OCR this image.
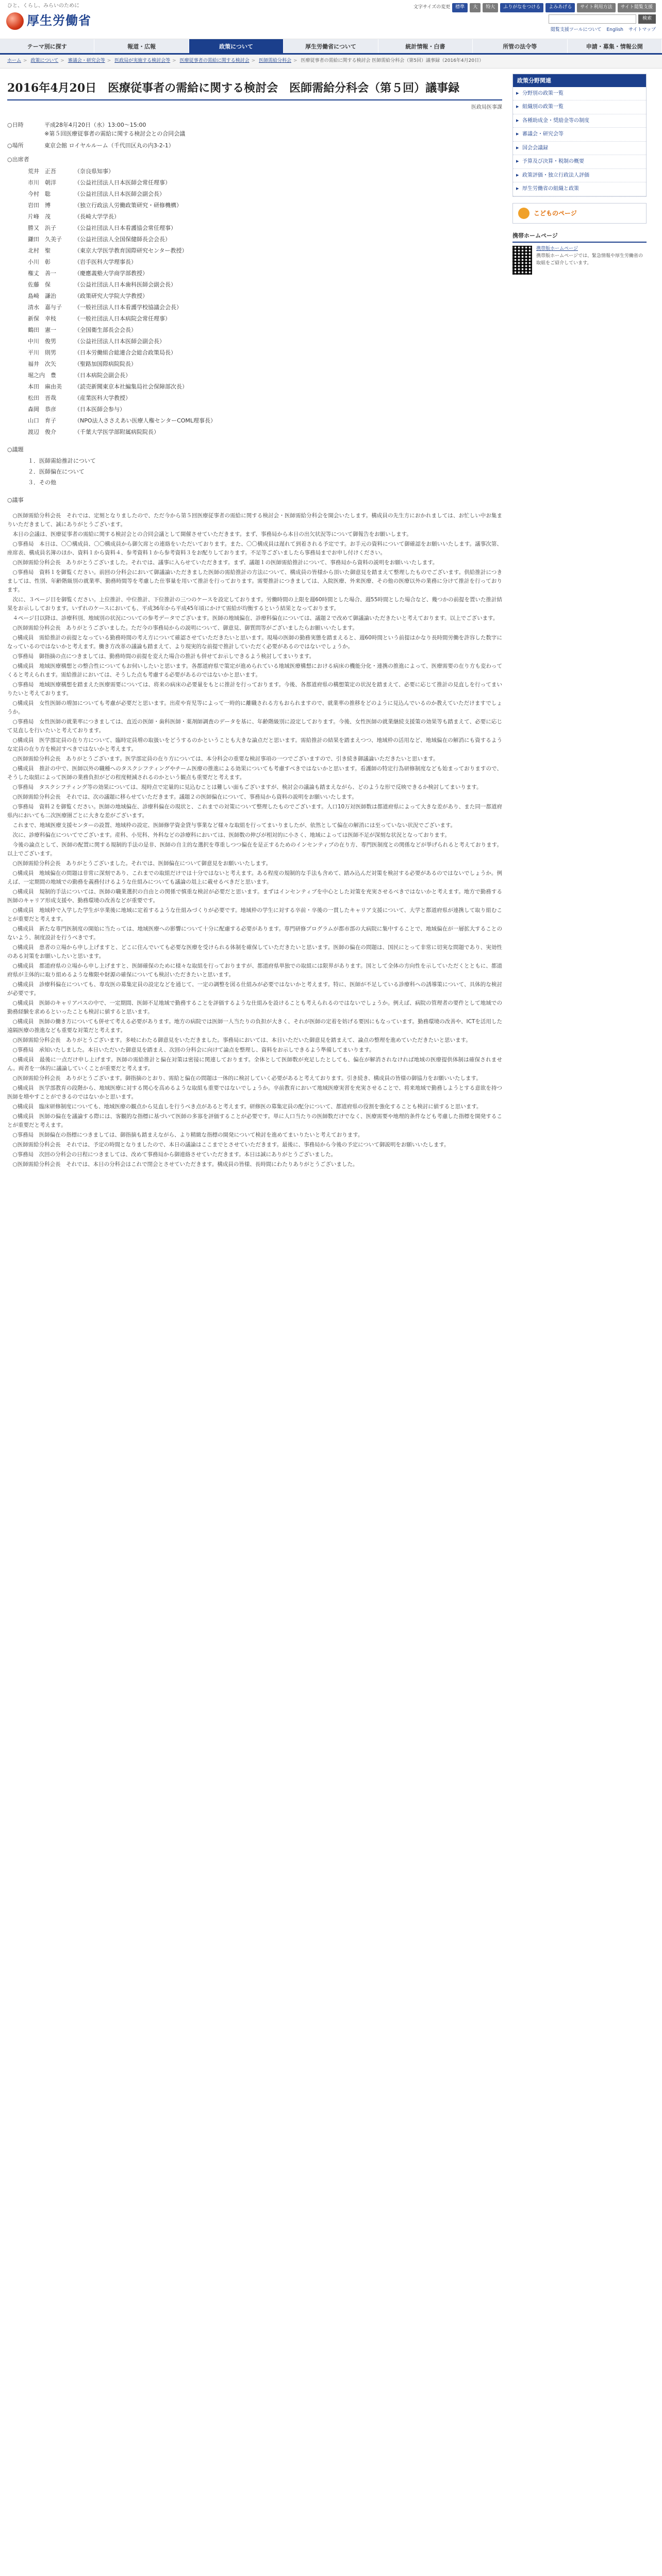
ひと、くらし、みらいのために
厚生労働省
文字サイズの変更	標準	大	特大	ふりがなをつける	よみあげる	サイト利用方法	サイト閲覧支援
検索
閲覧支援ツールについて English サイトマップ
テーマ別に探す	報道・広報	政策について	厚生労働省について	統計情報・白書	所管の法令等	申請・募集・情報公開
ホーム > 政策について > 審議会・研究会等 > 医政局が実施する検討会等 > 医療従事者の需給に関する検討会 > 医師需給分科会 > 医療従事者の需給に関する検討会 医師需給分科会（第5回）議事録（2016年4月20日）
2016年4月20日　医療従事者の需給に関する検討会　医師需給分科会（第５回）議事録
医政局医事課
○日時	平成28年4月20日（水）13:00～15:00
※第５回医療従事者の需給に関する検討会との合同会議
○場所	東京会館 ロイヤルルーム（千代田区丸の内3-2-1）
○出席者
荒井　正吾	（奈良県知事）
市川　朝洋	（公益社団法人日本医師会常任理事）
今村　聡	（公益社団法人日本医師会副会長）
岩田　博	（独立行政法人労働政策研究・研修機構）
片峰　茂	（長崎大学学長）
勝又　浜子	（公益社団法人日本看護協会常任理事）
鎌田　久美子	（公益社団法人全国保健師長会会長）
北村　聖	（東京大学医学教育国際研究センター教授）
小川　彰	（岩手医科大学理事長）
権丈　善一	（慶應義塾大学商学部教授）
佐藤　保	（公益社団法人日本歯科医師会副会長）
島崎　謙治	（政策研究大学院大学教授）
清水　嘉与子	（一般社団法人日本看護学校協議会会長）
新保　幸枝	（一般社団法人日本病院会常任理事）
鶴田　憲一	（全国衛生部長会会長）
中川　俊男	（公益社団法人日本医師会副会長）
平川　則男	（日本労働組合総連合会総合政策局長）
福井　次矢	（聖路加国際病院院長）
堀之内　豊	（日本病院会副会長）
本田　麻由美	（読売新聞東京本社編集局社会保障部次長）
松田　晋哉	（産業医科大学教授）
森岡　恭彦	（日本医師会参与）
山口　育子	（NPO法人ささえあい医療人権センターCOML理事長）
渡辺　俊介	（千葉大学医学部附属病院院長）
○議題
１．医師需給推計について
２．医師偏在について
３．その他
○議事

○医師需給分科会長　それでは、定刻となりましたので、ただ今から第５回医療従事者の需給に関する検討会・医師需給分科会を開会いたします。構成員の先生方におかれましては、お忙しい中お集まりいただきまして、誠にありがとうございます。

本日の会議は、医療従事者の需給に関する検討会との合同会議として開催させていただきます。まず、事務局から本日の出欠状況等について御報告をお願いします。

○事務局　本日は、〇〇構成員、〇〇構成員から御欠席との連絡をいただいております。また、〇〇構成員は遅れて到着される予定です。お手元の資料について御確認をお願いいたします。議事次第、座席表、構成員名簿のほか、資料１から資料４、参考資料１から参考資料３をお配りしております。不足等ございましたら事務局までお申し付けください。

○医師需給分科会長　ありがとうございました。それでは、議事に入らせていただきます。まず、議題１の医師需給推計について、事務局から資料の説明をお願いいたします。

○事務局　資料１を御覧ください。前回の分科会において御議論いただきました医師の需給推計の方法について、構成員の皆様から頂いた御意見を踏まえて整理したものでございます。供給推計につきましては、性別、年齢階級別の就業率、勤務時間等を考慮した仕事量を用いて推計を行っております。需要推計につきましては、入院医療、外来医療、その他の医療以外の業務に分けて推計を行っております。

次に、３ページ目を御覧ください。上位推計、中位推計、下位推計の三つのケースを設定しております。労働時間の上限を週60時間とした場合、週55時間とした場合など、幾つかの前提を置いた推計結果をお示ししております。いずれのケースにおいても、平成36年から平成45年頃にかけて需給が均衡するという結果となっております。

４ページ目以降は、診療科別、地域別の状況についての参考データでございます。医師の地域偏在、診療科偏在については、議題２で改めて御議論いただきたいと考えております。以上でございます。

○医師需給分科会長　ありがとうございました。ただ今の事務局からの説明について、御意見、御質問等がございましたらお願いいたします。

○構成員　需給推計の前提となっている勤務時間の考え方について確認させていただきたいと思います。現場の医師の勤務実態を踏まえると、週60時間という前提はかなり長時間労働を許容した数字になっているのではないかと考えます。働き方改革の議論も踏まえて、より現実的な前提で推計していただく必要があるのではないでしょうか。

○事務局　御指摘の点につきましては、勤務時間の前提を変えた場合の推計も併せてお示しできるよう検討してまいります。

○構成員　地域医療構想との整合性についてもお伺いしたいと思います。各都道府県で策定が進められている地域医療構想における病床の機能分化・連携の推進によって、医療需要の在り方も変わってくると考えられます。需給推計においては、そうした点も考慮する必要があるのではないかと思います。

○事務局　地域医療構想を踏まえた医療需要については、将来の病床の必要量をもとに推計を行っております。今後、各都道府県の構想策定の状況を踏まえて、必要に応じて推計の見直しを行ってまいりたいと考えております。

○構成員　女性医師の増加についても考慮が必要だと思います。出産や育児等によって一時的に離職される方もおられますので、就業率の推移をどのように見込んでいるのか教えていただけますでしょうか。

○事務局　女性医師の就業率につきましては、直近の医師・歯科医師・薬剤師調査のデータを基に、年齢階級別に設定しております。今後、女性医師の就業継続支援策の効果等も踏まえて、必要に応じて見直しを行いたいと考えております。

○構成員　医学部定員の在り方について、臨時定員増の取扱いをどうするのかということも大きな論点だと思います。需給推計の結果を踏まえつつ、地域枠の活用など、地域偏在の解消にも資するような定員の在り方を検討すべきではないかと考えます。

○医師需給分科会長　ありがとうございます。医学部定員の在り方については、本分科会の重要な検討事項の一つでございますので、引き続き御議論いただきたいと思います。

○構成員　推計の中で、医師以外の職種へのタスクシフティングやチーム医療の推進による効果についても考慮すべきではないかと思います。看護師の特定行為研修制度なども始まっておりますので、そうした取組によって医師の業務負担がどの程度軽減されるのかという観点も重要だと考えます。

○事務局　タスクシフティング等の効果については、現時点で定量的に見込むことは難しい面もございますが、検討会の議論も踏まえながら、どのような形で反映できるか検討してまいります。

○医師需給分科会長　それでは、次の議題に移らせていただきます。議題２の医師偏在について、事務局から資料の説明をお願いいたします。

○事務局　資料２を御覧ください。医師の地域偏在、診療科偏在の現状と、これまでの対策について整理したものでございます。人口10万対医師数は都道府県によって大きな差があり、また同一都道府県内においても二次医療圏ごとに大きな差がございます。

これまで、地域医療支援センターの設置、地域枠の設定、医師修学資金貸与事業など様々な取組を行ってまいりましたが、依然として偏在の解消には至っていない状況でございます。

次に、診療科偏在についてでございます。産科、小児科、外科などの診療科においては、医師数の伸びが相対的に小さく、地域によっては医師不足が深刻な状況となっております。

今後の論点として、医師の配置に関する規制的手法の是非、医師の自主的な選択を尊重しつつ偏在を是正するためのインセンティブの在り方、専門医制度との関係などが挙げられると考えております。以上でございます。

○医師需給分科会長　ありがとうございました。それでは、医師偏在について御意見をお願いいたします。

○構成員　地域偏在の問題は非常に深刻であり、これまでの取組だけでは十分ではないと考えます。ある程度の規制的な手法も含めて、踏み込んだ対策を検討する必要があるのではないでしょうか。例えば、一定期間の地域での勤務を義務付けるような仕組みについても議論の俎上に載せるべきだと思います。

○構成員　規制的手法については、医師の職業選択の自由との関係で慎重な検討が必要だと思います。まずはインセンティブを中心とした対策を充実させるべきではないかと考えます。地方で勤務する医師のキャリア形成支援や、勤務環境の改善などが重要です。

○構成員　地域枠で入学した学生が卒業後に地域に定着するような仕組みづくりが必要です。地域枠の学生に対する卒前・卒後の一貫したキャリア支援について、大学と都道府県が連携して取り組むことが重要だと考えます。

○構成員　新たな専門医制度の開始に当たっては、地域医療への影響について十分に配慮する必要があります。専門研修プログラムが都市部の大病院に集中することで、地域偏在が一層拡大することのないよう、制度設計を行うべきです。

○構成員　患者の立場から申し上げますと、どこに住んでいても必要な医療を受けられる体制を確保していただきたいと思います。医師の偏在の問題は、国民にとって非常に切実な問題であり、実効性のある対策をお願いしたいと思います。

○構成員　都道府県の立場から申し上げますと、医師確保のために様々な取組を行っておりますが、都道府県単独での取組には限界があります。国として全体の方向性を示していただくとともに、都道府県が主体的に取り組めるような権限や財源の確保についても検討いただきたいと思います。

○構成員　診療科偏在についても、専攻医の募集定員の設定などを通じて、一定の調整を図る仕組みが必要ではないかと考えます。特に、医師が不足している診療科への誘導策について、具体的な検討が必要です。

○構成員　医師のキャリアパスの中で、一定期間、医師不足地域で勤務することを評価するような仕組みを設けることも考えられるのではないでしょうか。例えば、病院の管理者の要件として地域での勤務経験を求めるといったことも検討に値すると思います。

○構成員　医師の働き方についても併せて考える必要があります。地方の病院では医師一人当たりの負担が大きく、それが医師の定着を妨げる要因にもなっています。勤務環境の改善や、ICTを活用した遠隔医療の推進なども重要な対策だと考えます。

○医師需給分科会長　ありがとうございます。多岐にわたる御意見をいただきました。事務局においては、本日いただいた御意見を踏まえて、論点の整理を進めていただきたいと思います。

○事務局　承知いたしました。本日いただいた御意見を踏まえ、次回の分科会に向けて論点を整理し、資料をお示しできるよう準備してまいります。

○構成員　最後に一点だけ申し上げます。医師の需給推計と偏在対策は密接に関連しております。全体として医師数が充足したとしても、偏在が解消されなければ地域の医療提供体制は確保されません。両者を一体的に議論していくことが重要だと考えます。

○医師需給分科会長　ありがとうございます。御指摘のとおり、需給と偏在の問題は一体的に検討していく必要があると考えております。引き続き、構成員の皆様の御協力をお願いいたします。

○構成員　医学部教育の段階から、地域医療に対する関心を高めるような取組も重要ではないでしょうか。卒前教育において地域医療実習を充実させることで、将来地域で勤務しようとする意欲を持つ医師を増やすことができるのではないかと思います。

○構成員　臨床研修制度についても、地域医療の観点から見直しを行うべき点があると考えます。研修医の募集定員の配分について、都道府県の役割を強化することも検討に値すると思います。

○構成員　医師の偏在を議論する際には、客観的な指標に基づいて医師の多寡を評価することが必要です。単に人口当たりの医師数だけでなく、医療需要や地理的条件なども考慮した指標を開発することが重要だと考えます。

○事務局　医師偏在の指標につきましては、御指摘も踏まえながら、より精緻な指標の開発について検討を進めてまいりたいと考えております。

○医師需給分科会長　それでは、予定の時間となりましたので、本日の議論はここまでとさせていただきます。最後に、事務局から今後の予定について御説明をお願いいたします。

○事務局　次回の分科会の日程につきましては、改めて事務局から御連絡させていただきます。本日は誠にありがとうございました。

○医師需給分科会長　それでは、本日の分科会はこれで閉会とさせていただきます。構成員の皆様、長時間にわたりありがとうございました。

政策分野関連
▶ 分野別の政策一覧
▶ 組織別の政策一覧
▶ 各種助成金・奨励金等の制度
▶ 審議会・研究会等
▶ 国会会議録
▶ 予算及び決算・税制の概要
▶ 政策評価・独立行政法人評価
▶ 厚生労働省の組織と政策
こどものページ
携帯ホームページ
携帯版ホームページ
携帯版ホームページでは、緊急情報や厚生労働省の取組をご紹介しています。
